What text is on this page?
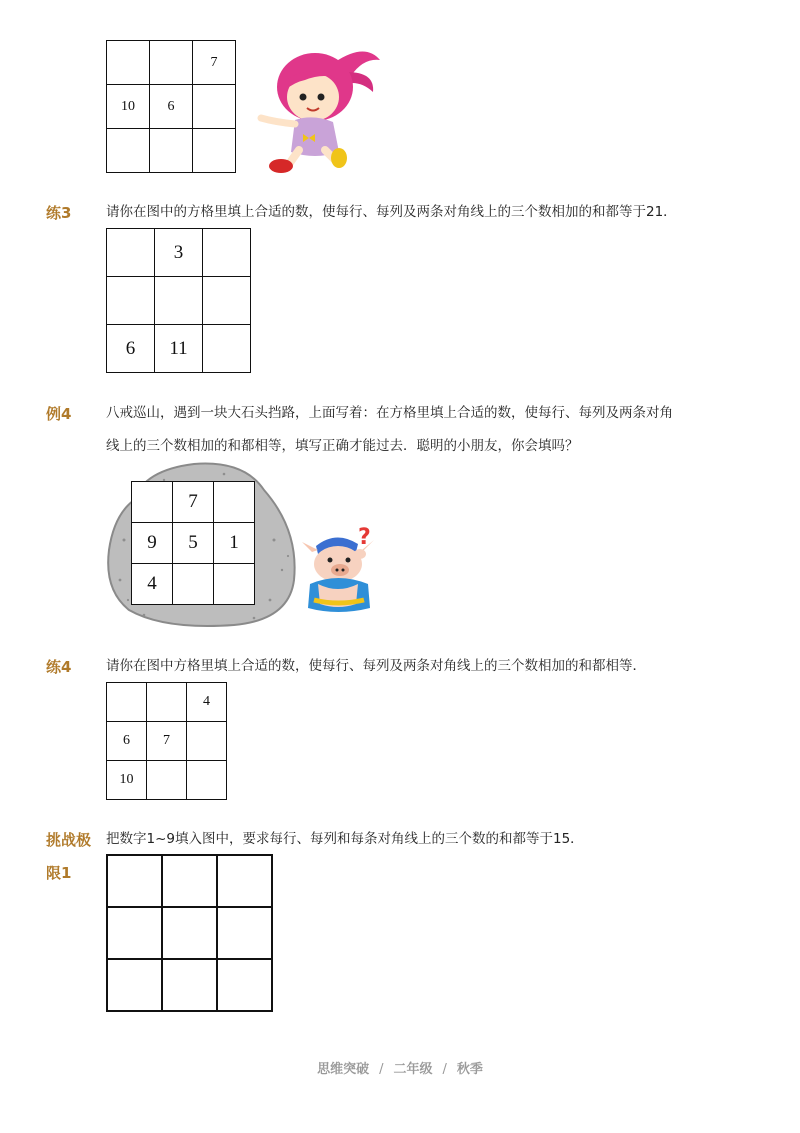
		7
10	6	

练3	请你在图中的方格里填上合适的数，使每行、每列及两条对角线上的三个数相加的和都等于21．
	3	

6	11	
例4	八戒巡山，遇到一块大石头挡路，上面写着：在方格里填上合适的数，使每行、每列及两条对角
线上的三个数相加的和都相等，填写正确才能过去．聪明的小朋友，你会填吗？
	7	
9	5	1
4		
?
练4	请你在图中方格里填上合适的数，使每行、每列及两条对角线上的三个数相加的和都相等．
		4
6	7	
10		
挑战极
限1
把数字1~9填入图中，要求每行、每列和每条对角线上的三个数的和都等于15．

思维突破 / 二年级 / 秋季
